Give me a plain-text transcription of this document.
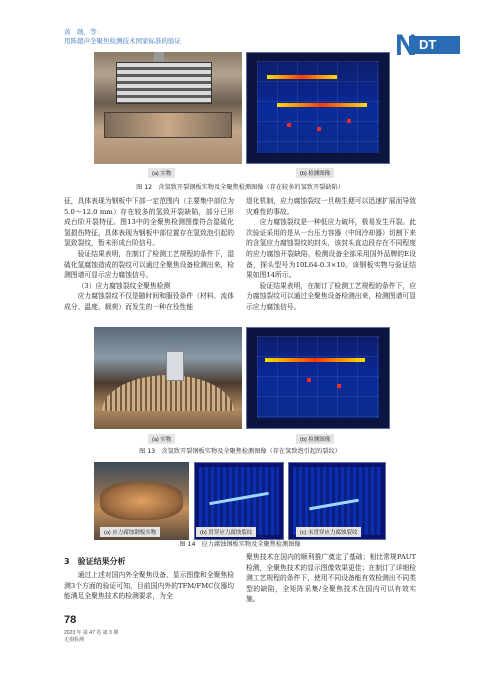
黄　勋，等：
用阵超声全聚焦检测技术国家标准的验证	N DT
(a) 实物	(b) 检测图像
图 12　含氢致开裂钢板实物及全聚焦检测图像（存在较多的氢致开裂缺陷）

征，具体表现为钢板中下部一定范围内（主要集中部位为5.0～12.0 mm）存在较多的氢致开裂缺陷，部分已形成台阶开裂特征。图13中的全聚焦检测图像符合湿硫化氢损伤特征，具体表现为钢板中部位置存在氢致泡引起的氢致裂纹，暂未形成台阶信号。

验证结果表明，在制订了检测工艺规程的条件下，湿硫化氢腐蚀造成的裂纹可以通过全聚焦设备检测出来，检测图谱可显示应力腐蚀信号。

（3）应力腐蚀裂纹全聚焦检测

应力腐蚀裂纹不仅是随时间和服役条件（材料、流体成分、温度、载荷）而发生的一种在役性能

退化机制，应力腐蚀裂纹一旦萌生便可以迅速扩展而导致灾难性的事故。

应力腐蚀裂纹是一种低应力破坏，极易发生开裂。此次验证采用的是从一台压力容器（中间冷却器）切割下来的含氢应力腐蚀裂纹的封头，该封头直边段存在不同程度的应力腐蚀开裂缺陷，检测设备全部采用国外品牌的E设备，探头型号为10L64-0.3×10。该钢板实物与验证结果如图14所示。

验证结果表明，在制订了检测工艺规程的条件下，应力腐蚀裂纹可以通过全聚焦设备检测出来，检测图谱可显示应力腐蚀信号。

(a) 实物	(b) 检测图像
图 13　含氢致开裂钢板实物及全聚焦检测图像（存在氢致泡引起的裂纹）
(a) 应力腐蚀钢板实物	(b) 贯穿应力腐蚀裂纹	(c) 未贯穿应力腐蚀裂纹
图 14　应力腐蚀钢板实物及全聚焦检测图像
3　验证结果分析

通过上述对国内外全聚焦设备、显示图像和全聚焦检测3个方面的验证可知，目前国内外的TFM/FMC仪器均能满足全聚焦技术的检测要求，为全

聚焦技术在国内的顺利推广奠定了基础；相比常规PAUT检测，全聚焦技术的显示图像效果更佳；在制订了详细检测工艺规程的条件下，使用不同设备能有效检测出不同类型的缺陷，全矩阵采集/全聚焦技术在国内可以有效实施。

78
2023 年 第 47 卷 第 3 期
无损检测
